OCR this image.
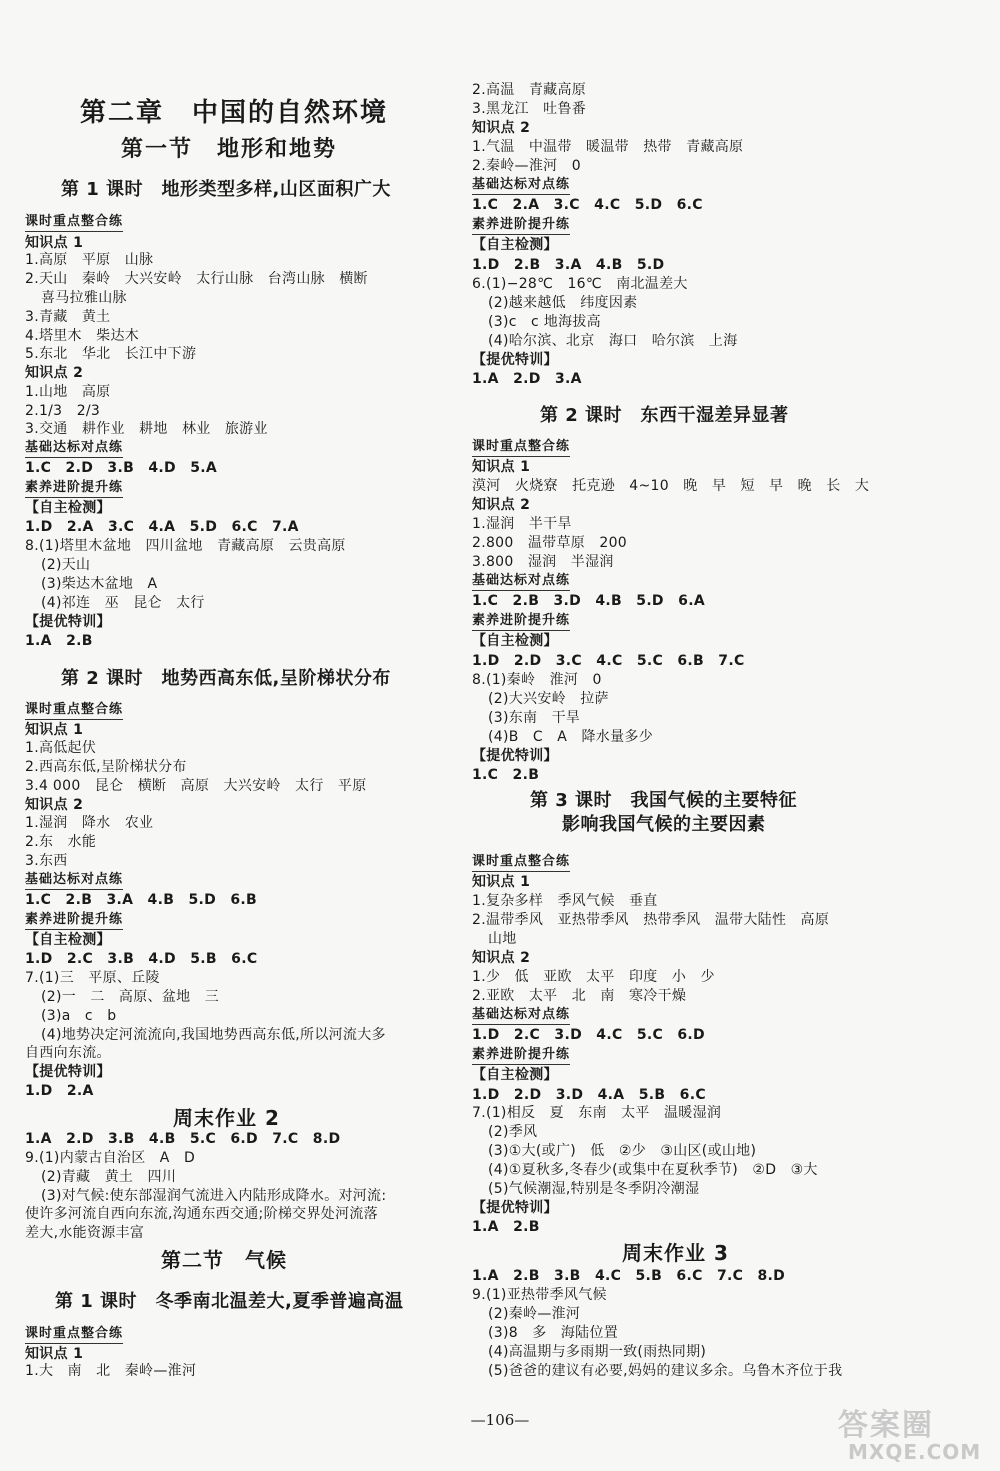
第二章　中国的自然环境
第一节　地形和地势
第 1 课时　地形类型多样,山区面积广大
课时重点整合练
知识点 1
1.高原　平原　山脉
2.天山　秦岭　大兴安岭　太行山脉　台湾山脉　横断
喜马拉雅山脉
3.青藏　黄土
4.塔里木　柴达木
5.东北　华北　长江中下游
知识点 2
1.山地　高原
2.1/3　2/3
3.交通　耕作业　耕地　林业　旅游业
基础达标对点练
1.C　2.D　3.B　4.D　5.A
素养进阶提升练
【自主检测】
1.D　2.A　3.C　4.A　5.D　6.C　7.A
8.(1)塔里木盆地　四川盆地　青藏高原　云贵高原
(2)天山
(3)柴达木盆地　A
(4)祁连　巫　昆仑　太行
【提优特训】
1.A　2.B
第 2 课时　地势西高东低,呈阶梯状分布
课时重点整合练
知识点 1
1.高低起伏
2.西高东低,呈阶梯状分布
3.4 000　昆仑　横断　高原　大兴安岭　太行　平原
知识点 2
1.湿润　降水　农业
2.东　水能
3.东西
基础达标对点练
1.C　2.B　3.A　4.B　5.D　6.B
素养进阶提升练
【自主检测】
1.D　2.C　3.B　4.D　5.B　6.C
7.(1)三　平原、丘陵
(2)一　二　高原、盆地　三
(3)a　c　b
(4)地势决定河流流向,我国地势西高东低,所以河流大多
自西向东流。
【提优特训】
1.D　2.A
周末作业 2
1.A　2.D　3.B　4.B　5.C　6.D　7.C　8.D
9.(1)内蒙古自治区　A　D
(2)青藏　黄土　四川
(3)对气候:使东部湿润气流进入内陆形成降水。对河流:
使许多河流自西向东流,沟通东西交通;阶梯交界处河流落
差大,水能资源丰富
第二节　气候
第 1 课时　冬季南北温差大,夏季普遍高温
课时重点整合练
知识点 1
1.大　南　北　秦岭—淮河
2.高温　青藏高原
3.黑龙江　吐鲁番
知识点 2
1.气温　中温带　暖温带　热带　青藏高原
2.秦岭—淮河　0
基础达标对点练
1.C　2.A　3.C　4.C　5.D　6.C
素养进阶提升练
【自主检测】
1.D　2.B　3.A　4.B　5.D
6.(1)−28℃　16℃　南北温差大
(2)越来越低　纬度因素
(3)c　c 地海拔高
(4)哈尔滨、北京　海口　哈尔滨　上海
【提优特训】
1.A　2.D　3.A
第 2 课时　东西干湿差异显著
课时重点整合练
知识点 1
漠河　火烧寮　托克逊　4~10　晚　早　短　早　晚　长　大
知识点 2
1.湿润　半干旱
2.800　温带草原　200
3.800　湿润　半湿润
基础达标对点练
1.C　2.B　3.D　4.B　5.D　6.A
素养进阶提升练
【自主检测】
1.D　2.D　3.C　4.C　5.C　6.B　7.C
8.(1)秦岭　淮河　0
(2)大兴安岭　拉萨
(3)东南　干旱
(4)B　C　A　降水量多少
【提优特训】
1.C　2.B
第 3 课时　我国气候的主要特征
影响我国气候的主要因素
课时重点整合练
知识点 1
1.复杂多样　季风气候　垂直
2.温带季风　亚热带季风　热带季风　温带大陆性　高原
山地
知识点 2
1.少　低　亚欧　太平　印度　小　少
2.亚欧　太平　北　南　寒冷干燥
基础达标对点练
1.D　2.C　3.D　4.C　5.C　6.D
素养进阶提升练
【自主检测】
1.D　2.D　3.D　4.A　5.B　6.C
7.(1)相反　夏　东南　太平　温暖湿润
(2)季风
(3)①大(或广)　低　②少　③山区(或山地)
(4)①夏秋多,冬春少(或集中在夏秋季节)　②D　③大
(5)气候潮湿,特别是冬季阴冷潮湿
【提优特训】
1.A　2.B
周末作业 3
1.A　2.B　3.B　4.C　5.B　6.C　7.C　8.D
9.(1)亚热带季风气候
(2)秦岭—淮河
(3)8　多　海陆位置
(4)高温期与多雨期一致(雨热同期)
(5)爸爸的建议有必要,妈妈的建议多余。乌鲁木齐位于我
—106—	答案圈
MXQE.COM
